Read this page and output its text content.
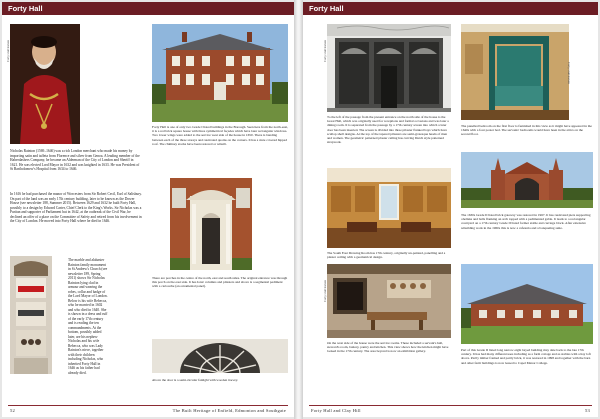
Forty Hall
Forty Hall Estate
Forty Hall is one of only two Grade I listed buildings in the Borough. Seen here from the north-east, it is a red brick square house with three symmetrical façades which have later rectangular windows. Two lower wings were added to the service west side of the house in 1650. There is banding between each of the three storeys and rusticated quoins on the corners. It has a slate covered hipped roof. The chimney stacks have been restored or rebuilt.
Nicholas Rainton (1569–1646) was a rich London merchant who made his money by importing satin and taffeta from Florence and silver from Genoa. A leading member of the Haberdashers Company, he became an Alderman of the City of London and Sheriff in 1621. He was elected Lord Mayor in 1632 and was knighted in 1633. He was President of St Bartholomew's Hospital from 1634 to 1646.
In 1616 he had purchased the manor of Worcesters from Sir Robert Cecil, Earl of Salisbury. On part of the land was an early 17th century building, later to be known as the Dower House (see newsletter 188, Summer 2015). Between 1629 and 1632 he built Forty Hall, possibly to a design by Edward Carter, Chief Clerk to the King's Works. Sir Nicholas was a Puritan and supporter of Parliament but in 1642, at the outbreak of the Civil War, he declined an offer of a place on the Committee of Safety and retired from his involvement in the City of London. He moved into Forty Hall where he died in 1646.
There are porches in the centre of the north, east and south sides. The original entrance was through this porch on the east side. It has Ionic columns and pilasters and above is a segmental pediment with a cartouche (an ornamental panel).
The marble and alabaster Rainton family monument in St Andrew's Church (see newsletter 189, Spring 2011) shows Sir Nicholas Rainton lying clad in armour and wearing the robes, collar and badge of the Lord Mayor of London. Below is his wife Rebecca, who he married in 1602 and who died in 1640. She is shown in a dress and ruff of the early 17th century and is reading the ten commandments. At the bottom, possibly added later, are his nephew Nicholas and his wife Rebecca, who was Lady Rainton's niece, together with their children including Nicholas, who inherited Forty Hall in 1646 as his father had already died.
Above the door is a semi-circular fanlight with wooden tracery.
52	The Built Heritage of Enfield, Edmonton and Southgate
Forty Hall
Forty Hall Estate
To the left of the passage from the present entrance on the north side of the house is the Great Hall, which was originally used for receptions and formal occasions and was later a dining room. It is separated from the passage by a 17th century screen into which a later door has been inserted. The screen is divided into three pilaster flanked bays which have scallop shell designs. At the top of the tapered pilasters are semi-grotesque heads of men and women. The geometric patterned plaster ceiling has curving Dutch style patterned strapwork.
The South East Drawing Room has 17th century, originally un-painted, panelling and a plaster ceiling with a geometrical design.
Forty Hall Estate
On the west side of the house were the service rooms. These included a servant's hall, steward's room, buttery, pantry and kitchen. This view shows how the kitchen might have looked in the 17th century. The area beyond is now an exhibition gallery.
Forty Hall Estate
The panelled bedroom on the first floor is furnished in this view as it might have appeared in the 1640s with a four poster bed. The servants' bedrooms would have been in the attics on the second floor.
The 1630s Grade II listed brick gateway was restored in 1967. It has rusticated piers supporting obelisks and balls flanking an arch topped with a pedimented gable. It leads to a rectangular courtyard on a 17th century Grade II listed former stable and carriage block. After extensive rebuilding work in the 1960s this is now a cafeteria and a banqueting suite.
Part of this Grade II listed long narrow eight bayed building may date back to the late 17th century. It has had many different uses including as a farm cottage and as stables with a hay loft above. Partly timber framed and partly brick, it was restored in 1998 and together with the barn and other farm buildings is now leased to Capel Manor College.
Forty Hall and Clay Hill	53
